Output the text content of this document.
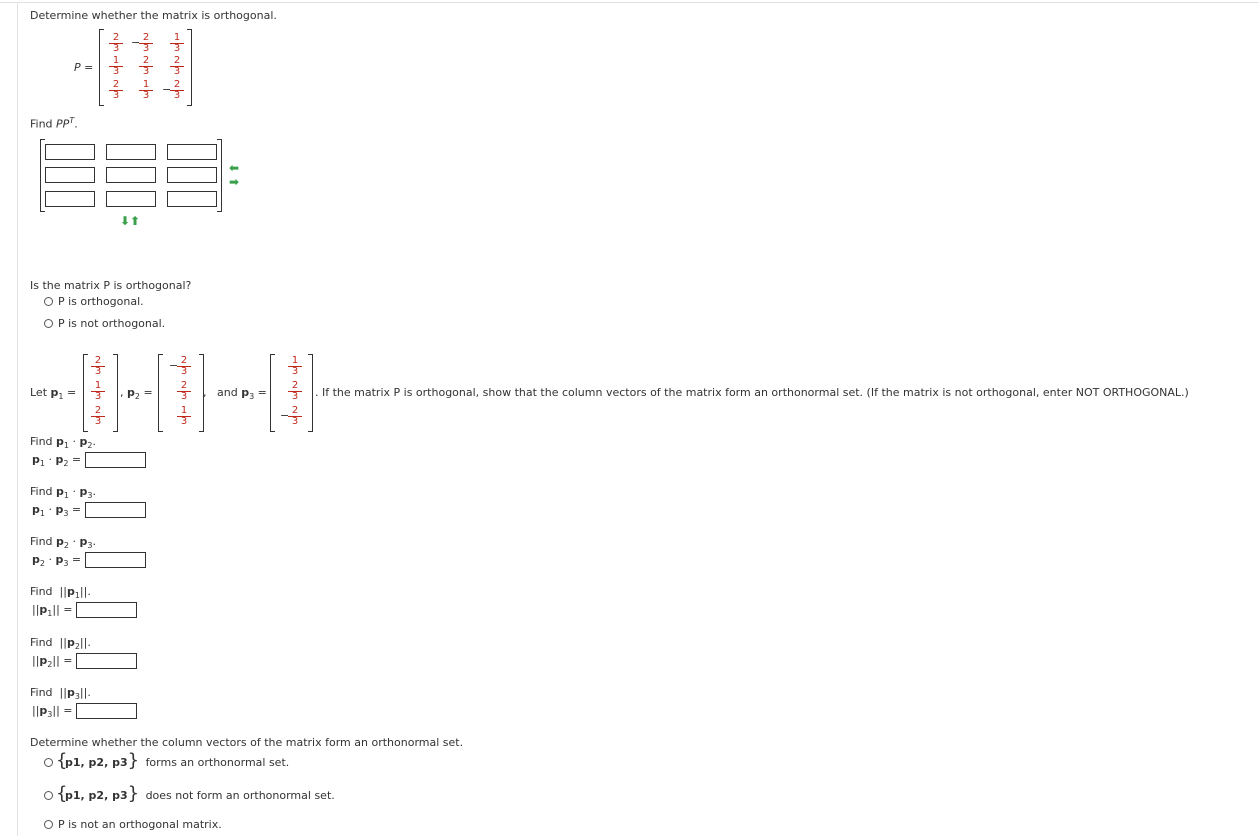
Determine whether the matrix is orthogonal.
P =
$\frac{2}{3}$ −
$\frac{2}{3} \frac{1}{3}$
$\frac{1}{3} \frac{2}{3} \frac{2}{3}$
$\frac{2}{3} \frac{1}{3}$ −
$\frac{2}{3}$
Find $PP^T$.
⬅
➡
⬇⬆
Is the matrix P is orthogonal?
P is orthogonal.
P is not orthogonal.
Let $p_1$ =
$\frac{2}{3}$
$\frac{1}{3}$
$\frac{2}{3}$
, $p_2$ =
−
$\frac{2}{3}$
$\frac{2}{3}$
$\frac{1}{3}$
, and $p_3$ =
$\frac{1}{3}$
$\frac{2}{3}$
−
$\frac{2}{3}$
. If the matrix P is orthogonal, show that the column vectors of the matrix form an orthonormal set. (If the matrix is not orthogonal, enter NOT ORTHOGONAL.)
Find $p_1 \cdot p_2$.
$p_1 \cdot p_2$ =
Find $p_1 \cdot p_3$.
$p_1 \cdot p_3$ =
Find $p_2 \cdot p_3$.
$p_2 \cdot p_3$ =
Find  $||p_1||$.
$||p_1||$ =
Find  $||p_2||$.
$||p_2||$ =
Find  $||p_3||$.
$||p_3||$ =
Determine whether the column vectors of the matrix form an orthonormal set.
{
p1, p2, p3} forms an orthonormal set.
{
p1, p2, p3} does not form an orthonormal set.
P is not an orthogonal matrix.
